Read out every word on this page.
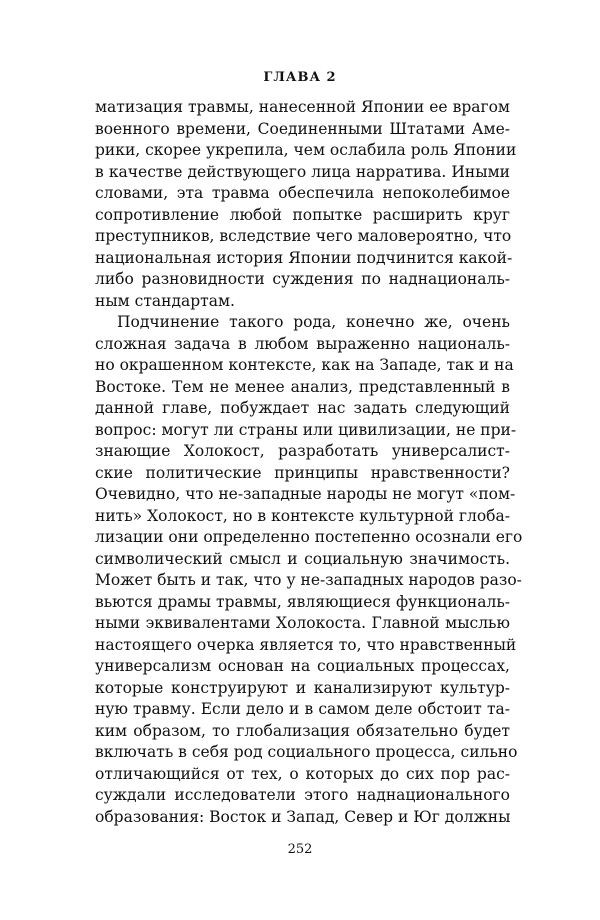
ГЛАВА 2
матизация травмы, нанесенной Японии ее врагом
военного времени, Соединенными Штатами Аме-
рики, скорее укрепила, чем ослабила роль Японии
в качестве действующего лица нарратива. Иными
словами, эта травма обеспечила непоколебимое
сопротивление любой попытке расширить круг
преступников, вследствие чего маловероятно, что
национальная история Японии подчинится какой-
либо разновидности суждения по наднациональ-
ным стандартам.
Подчинение такого рода, конечно же, очень
сложная задача в любом выраженно националь-
но окрашенном контексте, как на Западе, так и на
Востоке. Тем не менее анализ, представленный в
данной главе, побуждает нас задать следующий
вопрос: могут ли страны или цивилизации, не при-
знающие Холокост, разработать универсалист-
ские политические принципы нравственности?
Очевидно, что не-западные народы не могут «пом-
нить» Холокост, но в контексте культурной глоба-
лизации они определенно постепенно осознали его
символический смысл и социальную значимость.
Может быть и так, что у не-западных народов разо-
вьются драмы травмы, являющиеся функциональ-
ными эквивалентами Холокоста. Главной мыслью
настоящего очерка является то, что нравственный
универсализм основан на социальных процессах,
которые конструируют и канализируют культур-
ную травму. Если дело и в самом деле обстоит та-
ким образом, то глобализация обязательно будет
включать в себя род социального процесса, сильно
отличающийся от тех, о которых до сих пор рас-
суждали исследователи этого наднационального
образования: Восток и Запад, Север и Юг должны
252
